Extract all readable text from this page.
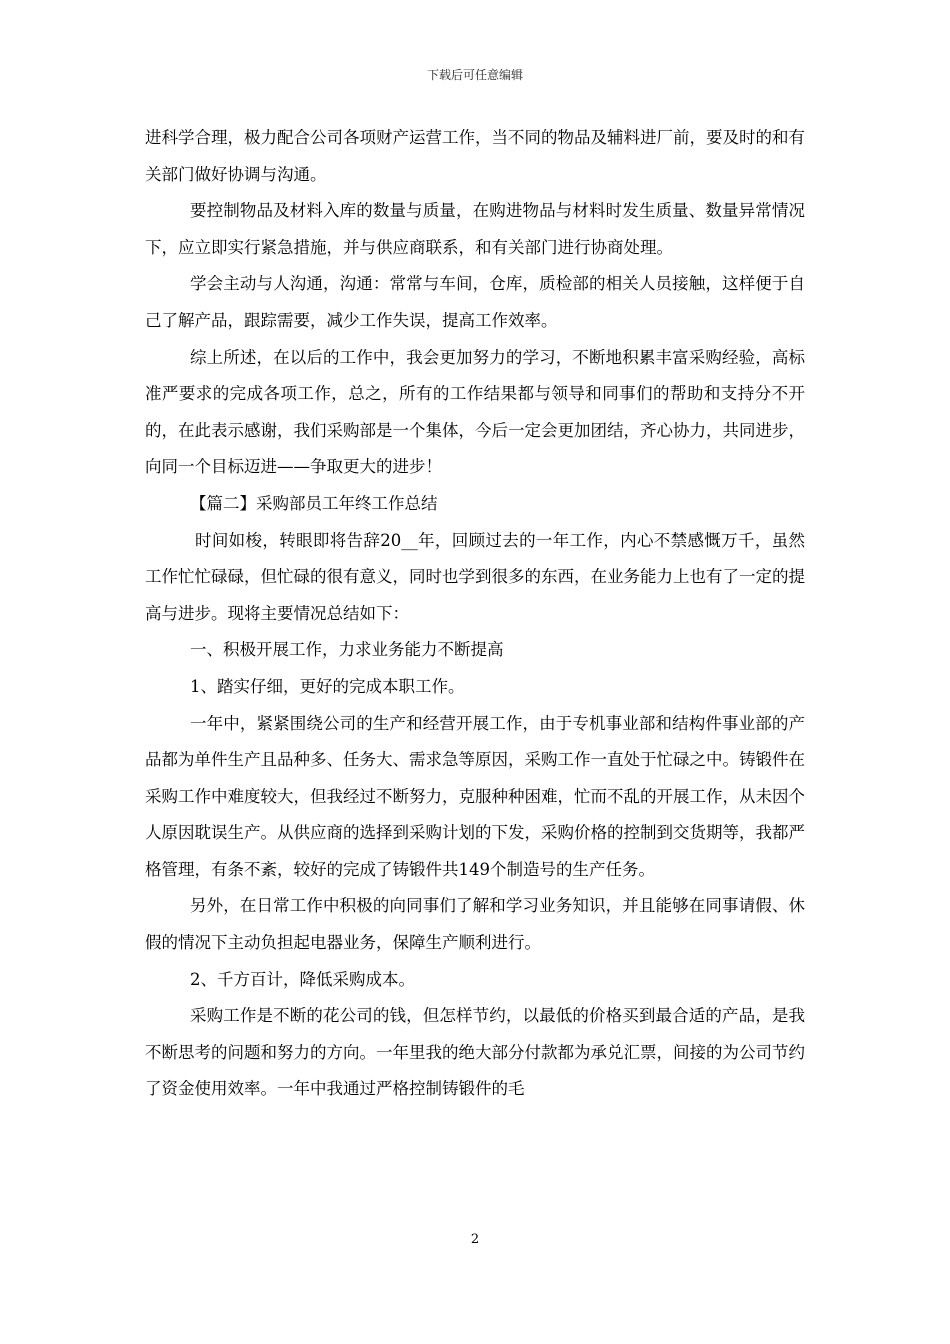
下载后可任意编辑

进科学合理，极力配合公司各项财产运营工作，当不同的物品及辅料进厂前，要及时的和有关部门做好协调与沟通。

要控制物品及材料入库的数量与质量，在购进物品与材料时发生质量、数量异常情况下，应立即实行紧急措施，并与供应商联系，和有关部门进行协商处理。

学会主动与人沟通，沟通：常常与车间，仓库，质检部的相关人员接触，这样便于自己了解产品，跟踪需要，减少工作失误，提高工作效率。

综上所述，在以后的工作中，我会更加努力的学习，不断地积累丰富采购经验，高标准严要求的完成各项工作，总之，所有的工作结果都与领导和同事们的帮助和支持分不开的，在此表示感谢，我们采购部是一个集体，今后一定会更加团结，齐心协力，共同进步，向同一个目标迈进——争取更大的进步！

【篇二】采购部员工年终工作总结

时间如梭，转眼即将告辞20__年，回顾过去的一年工作，内心不禁感慨万千，虽然工作忙忙碌碌，但忙碌的很有意义，同时也学到很多的东西，在业务能力上也有了一定的提高与进步。现将主要情况总结如下：

一、积极开展工作，力求业务能力不断提高

1、踏实仔细，更好的完成本职工作。

一年中，紧紧围绕公司的生产和经营开展工作，由于专机事业部和结构件事业部的产品都为单件生产且品种多、任务大、需求急等原因，采购工作一直处于忙碌之中。铸锻件在采购工作中难度较大，但我经过不断努力，克服种种困难，忙而不乱的开展工作，从未因个人原因耽误生产。从供应商的选择到采购计划的下发，采购价格的控制到交货期等，我都严格管理，有条不紊，较好的完成了铸锻件共149个制造号的生产任务。

另外，在日常工作中积极的向同事们了解和学习业务知识，并且能够在同事请假、休假的情况下主动负担起电器业务，保障生产顺利进行。

2、千方百计，降低采购成本。

采购工作是不断的花公司的钱，但怎样节约，以最低的价格买到最合适的产品，是我不断思考的问题和努力的方向。一年里我的绝大部分付款都为承兑汇票，间接的为公司节约了资金使用效率。一年中我通过严格控制铸锻件的毛

2
